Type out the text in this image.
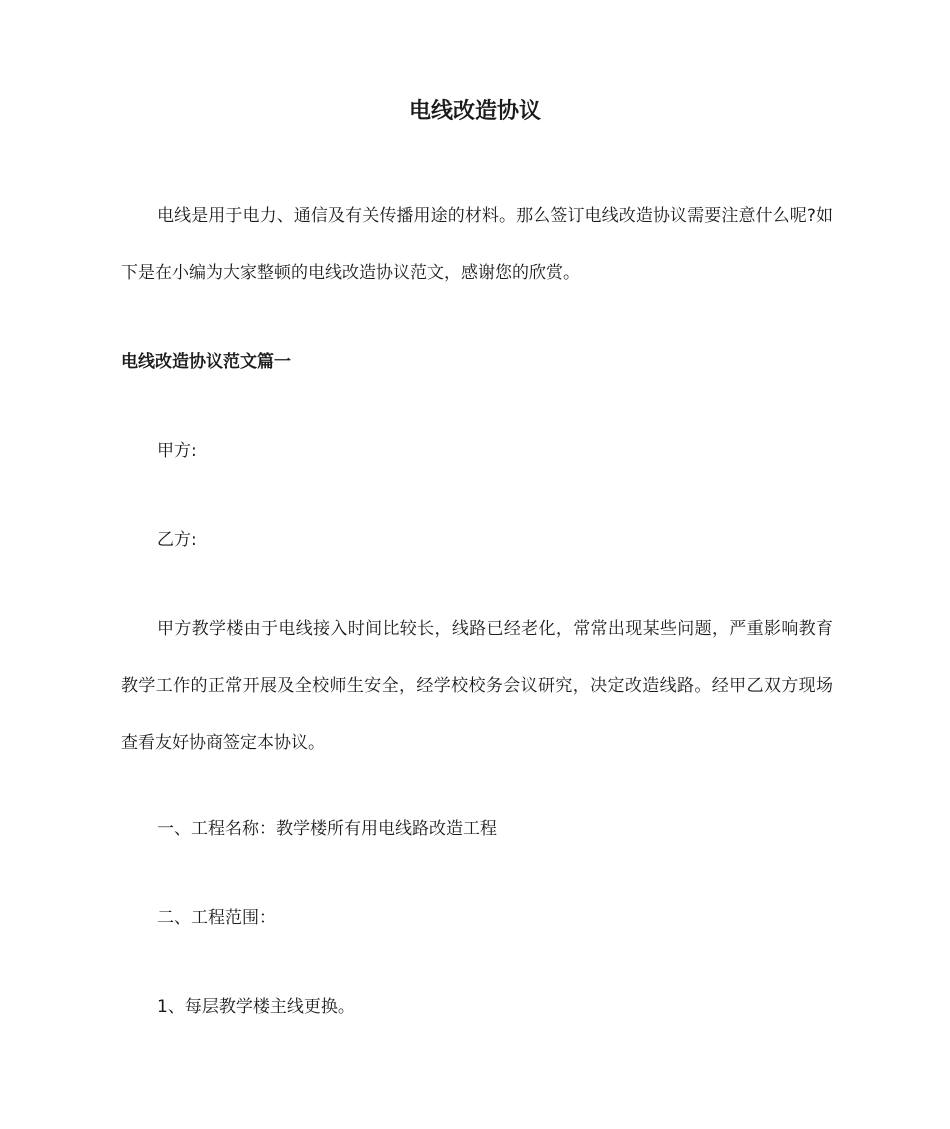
电线改造协议

电线是用于电力、通信及有关传播用途的材料。那么签订电线改造协议需要注意什么呢?如下是在小编为大家整顿的电线改造协议范文，感谢您的欣赏。

电线改造协议范文篇一

甲方:

乙方:

甲方教学楼由于电线接入时间比较长，线路已经老化，常常出现某些问题，严重影响教育教学工作的正常开展及全校师生安全，经学校校务会议研究，决定改造线路。经甲乙双方现场查看友好协商签定本协议。

一、工程名称：教学楼所有用电线路改造工程

二、工程范围：

1、每层教学楼主线更换。
